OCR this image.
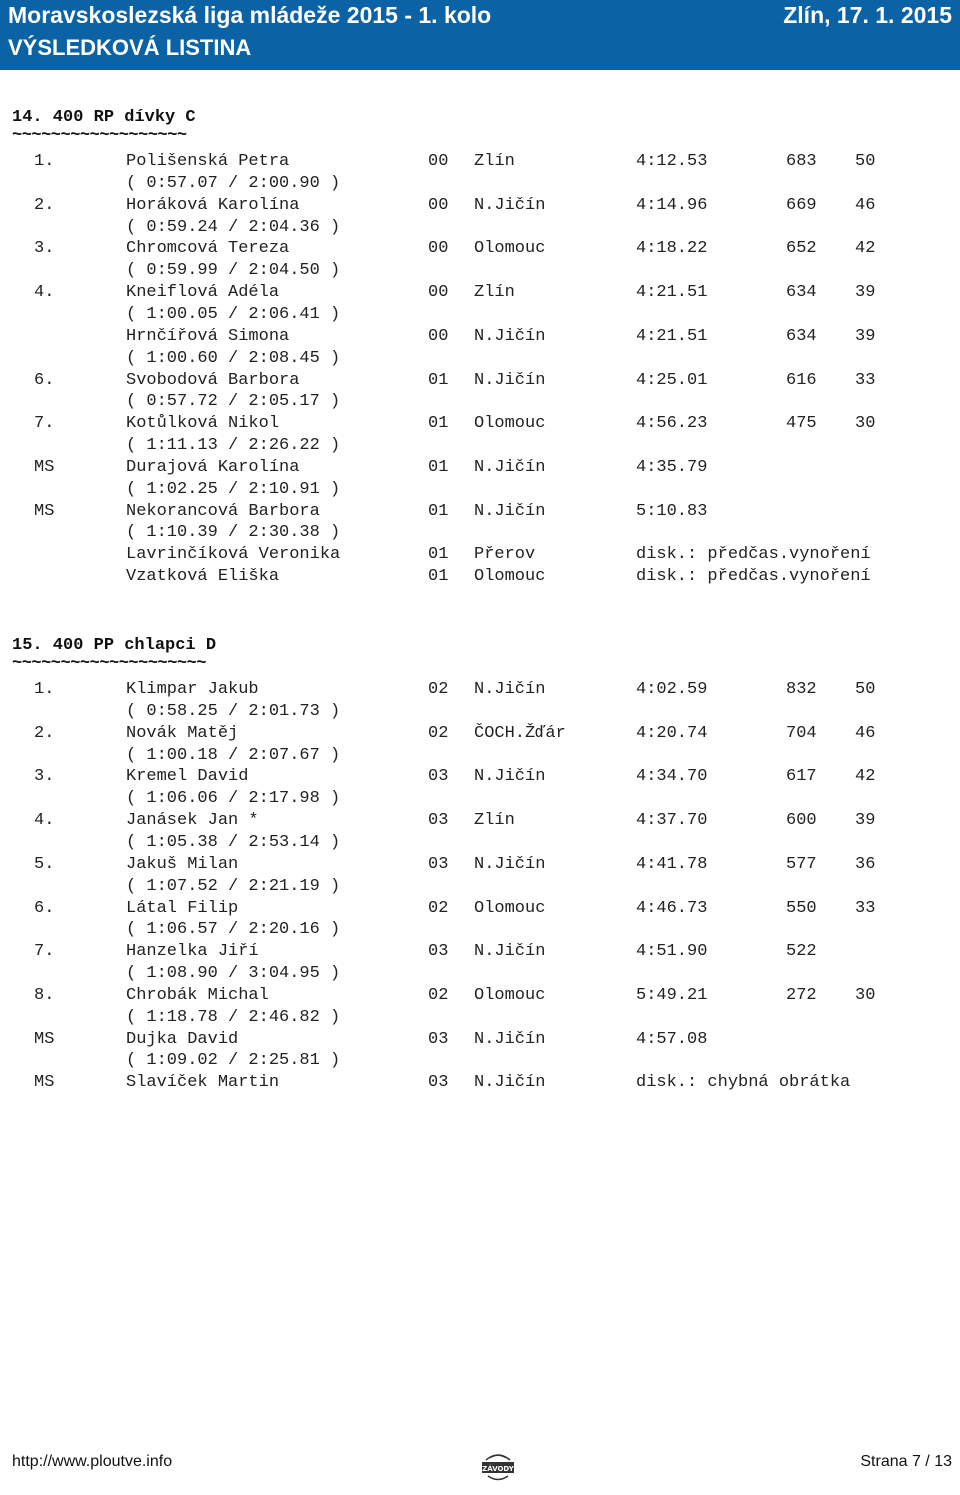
Moravskoslezská liga mládeže 2015 - 1. kolo	Zlín, 17. 1. 2015
VÝSLEDKOVÁ LISTINA
14. 400 RP dívky C
~~~~~~~~~~~~~~~~~~
1.	Polišenská Petra	00 Zlín	4:12.53	683 50
( 0:57.07 / 2:00.90 )
2.	Horáková Karolína	00 N.Jičín	4:14.96	669 46
( 0:59.24 / 2:04.36 )
3.	Chromcová Tereza	00 Olomouc	4:18.22	652 42
( 0:59.99 / 2:04.50 )
4.	Kneiflová Adéla	00 Zlín	4:21.51	634 39
( 1:00.05 / 2:06.41 )
Hrnčířová Simona	00 N.Jičín	4:21.51	634 39
( 1:00.60 / 2:08.45 )
6.	Svobodová Barbora	01 N.Jičín	4:25.01	616 33
( 0:57.72 / 2:05.17 )
7.	Kotůlková Nikol	01 Olomouc	4:56.23	475 30
( 1:11.13 / 2:26.22 )
MS	Durajová Karolína	01 N.Jičín	4:35.79
( 1:02.25 / 2:10.91 )
MS	Nekorancová Barbora	01 N.Jičín	5:10.83
( 1:10.39 / 2:30.38 )
Lavrinčíková Veronika	01 Přerov	disk.: předčas.vynoření
Vzatková Eliška	01 Olomouc	disk.: předčas.vynoření
15. 400 PP chlapci D
~~~~~~~~~~~~~~~~~~~~
1.	Klimpar Jakub	02 N.Jičín	4:02.59	832 50
( 0:58.25 / 2:01.73 )
2.	Novák Matěj	02 ČOCH.Žďár	4:20.74	704 46
( 1:00.18 / 2:07.67 )
3.	Kremel David	03 N.Jičín	4:34.70	617 42
( 1:06.06 / 2:17.98 )
4.	Janásek Jan *	03 Zlín	4:37.70	600 39
( 1:05.38 / 2:53.14 )
5.	Jakuš Milan	03 N.Jičín	4:41.78	577 36
( 1:07.52 / 2:21.19 )
6.	Látal Filip	02 Olomouc	4:46.73	550 33
( 1:06.57 / 2:20.16 )
7.	Hanzelka Jiří	03 N.Jičín	4:51.90	522
( 1:08.90 / 3:04.95 )
8.	Chrobák Michal	02 Olomouc	5:49.21	272 30
( 1:18.78 / 2:46.82 )
MS	Dujka David	03 N.Jičín	4:57.08
( 1:09.02 / 2:25.81 )
MS	Slavíček Martin	03 N.Jičín	disk.: chybná obrátka
http://www.ploutve.info	ZÁVODY	Strana 7 / 13
